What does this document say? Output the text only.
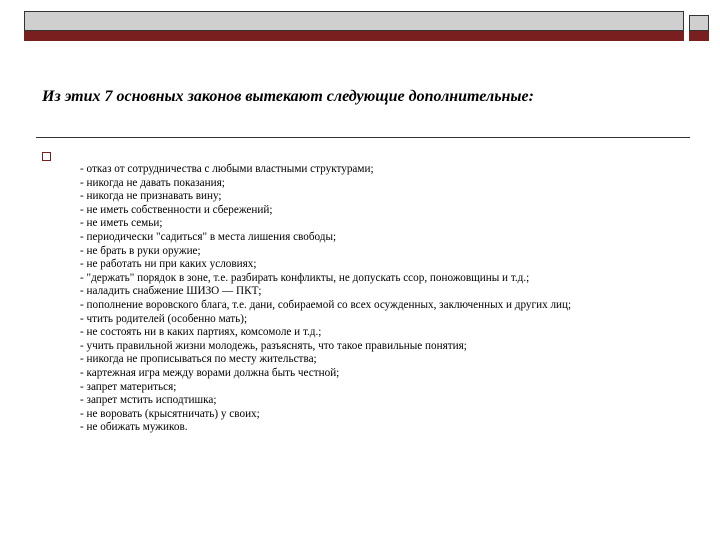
Из этих 7 основных законов вытекают следующие дополнительные:
- отказ от сотрудничества с любыми властными структурами;
- никогда не давать показания;
- никогда не признавать вину;
- не иметь собственности и сбережений;
- не иметь семьи;
- периодически "садиться" в места лишения свободы;
- не брать в руки оружие;
- не работать ни при каких условиях;
- "держать" порядок в зоне, т.е. разбирать конфликты, не допускать ссор, поножовщины и т.д.;
- наладить снабжение ШИЗО — ПКТ;
- пополнение воровского блага, т.е. дани, собираемой со всех осужденных, заключенных и других лиц;
- чтить родителей (особенно мать);
- не состоять ни в каких партиях, комсомоле и т.д.;
- учить правильной жизни молодежь, разъяснять, что такое правильные понятия;
- никогда не прописываться по месту жительства;
- картежная игра между ворами должна быть честной;
- запрет материться;
- запрет мстить исподтишка;
- не воровать (крысятничать) у своих;
- не обижать мужиков.
